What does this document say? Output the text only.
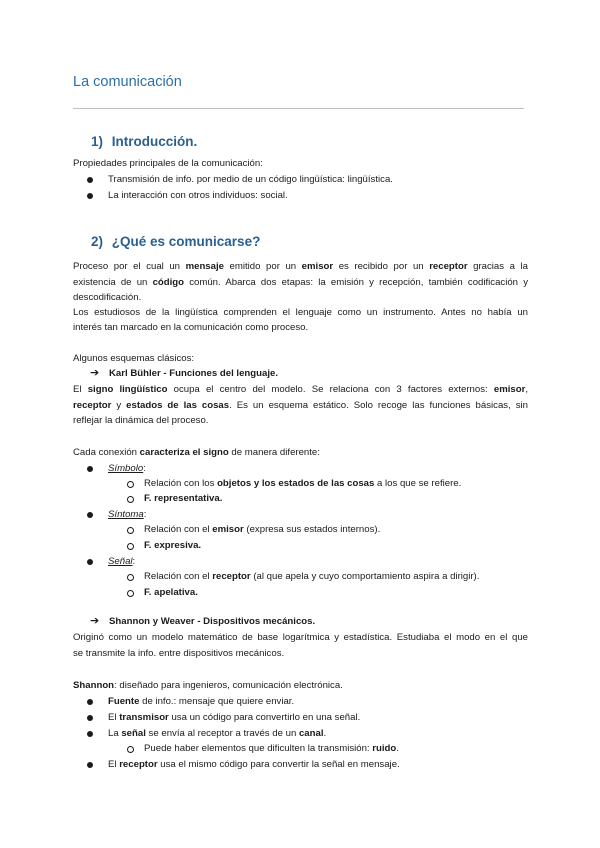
La comunicación
1) Introducción.

Propiedades principales de la comunicación:

Transmisión de info. por medio de un código lingüística: lingüística.

La interacción con otros individuos: social.

2) ¿Qué es comunicarse?

Proceso por el cual un mensaje emitido por un emisor es recibido por un receptor gracias a la

existencia de un código común. Abarca dos etapas: la emisión y recepción, también codificación y

descodificación.

Los estudiosos de la lingüística comprenden el lenguaje como un instrumento. Antes no había un

interés tan marcado en la comunicación como proceso.

Algunos esquemas clásicos:

➔ Karl Bühler - Funciones del lenguaje.

El signo lingüístico ocupa el centro del modelo. Se relaciona con 3 factores externos: emisor,

receptor y estados de las cosas. Es un esquema estático. Solo recoge las funciones básicas, sin

reflejar la dinámica del proceso.

Cada conexión caracteriza el signo de manera diferente:

Símbolo:

Relación con los objetos y los estados de las cosas a los que se refiere.

F. representativa.

Síntoma:

Relación con el emisor (expresa sus estados internos).

F. expresiva.

Señal:

Relación con el receptor (al que apela y cuyo comportamiento aspira a dirigir).

F. apelativa.

➔ Shannon y Weaver - Dispositivos mecánicos.

Originó como un modelo matemático de base logarítmica y estadística. Estudiaba el modo en el que

se transmite la info. entre dispositivos mecánicos.

Shannon: diseñado para ingenieros, comunicación electrónica.

Fuente de info.: mensaje que quiere enviar.

El transmisor usa un código para convertirlo en una señal.

La señal se envía al receptor a través de un canal.

Puede haber elementos que dificulten la transmisión: ruido.

El receptor usa el mismo código para convertir la señal en mensaje.
